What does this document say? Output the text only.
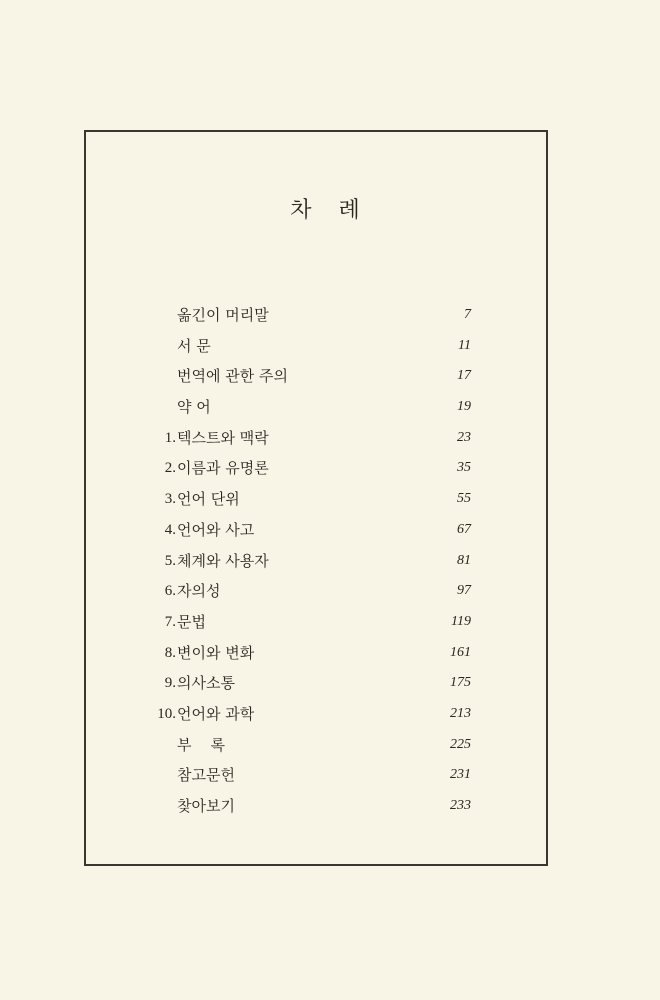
차 례
옮긴이 머리말	7
서 문	11
번역에 관한 주의	17
약 어	19
1. 텍스트와 맥락	23
2. 이름과 유명론	35
3. 언어 단위	55
4. 언어와 사고	67
5. 체계와 사용자	81
6. 자의성	97
7. 문법	119
8. 변이와 변화	161
9. 의사소통	175
10. 언어와 과학	213
부    록	225
참고문헌	231
찾아보기	233
